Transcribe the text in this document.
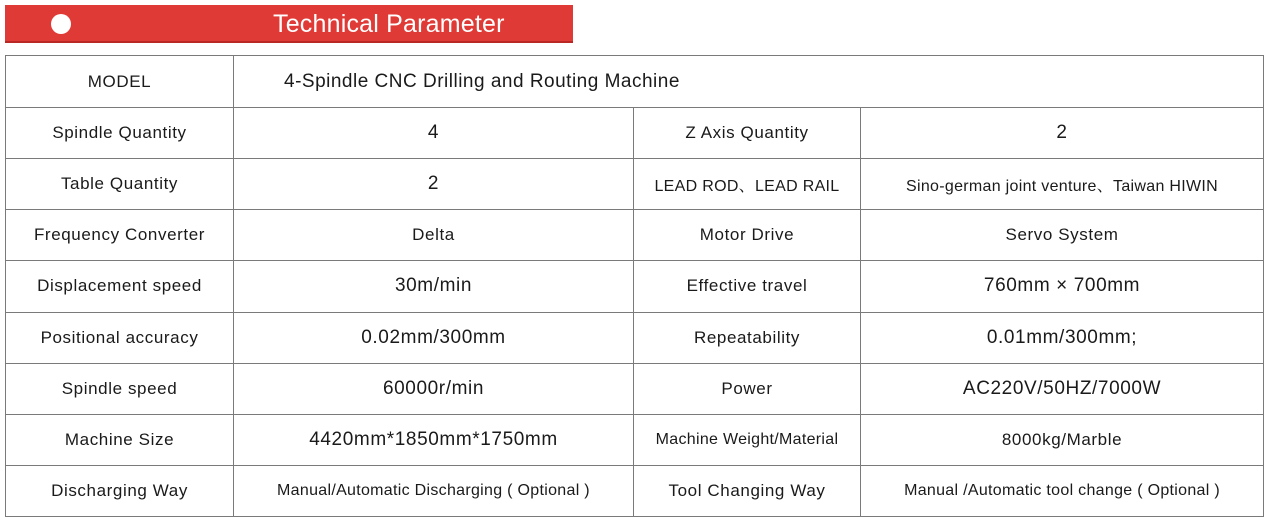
Technical Parameter
MODEL	4-Spindle CNC Drilling and Routing Machine		
Spindle Quantity	4	Z Axis Quantity	2
Table Quantity	2	LEAD ROD、LEAD RAIL	Sino-german joint venture、Taiwan HIWIN
Frequency Converter	Delta	Motor Drive	Servo System
Displacement speed	30m/min	Effective travel	760mm × 700mm
Positional accuracy	0.02mm/300mm	Repeatability	0.01mm/300mm;
Spindle speed	60000r/min	Power	AC220V/50HZ/7000W
Machine Size	4420mm*1850mm*1750mm	Machine Weight/Material	8000kg/Marble
Discharging Way	Manual/Automatic Discharging ( Optional )	Tool Changing Way	Manual /Automatic tool change ( Optional )
